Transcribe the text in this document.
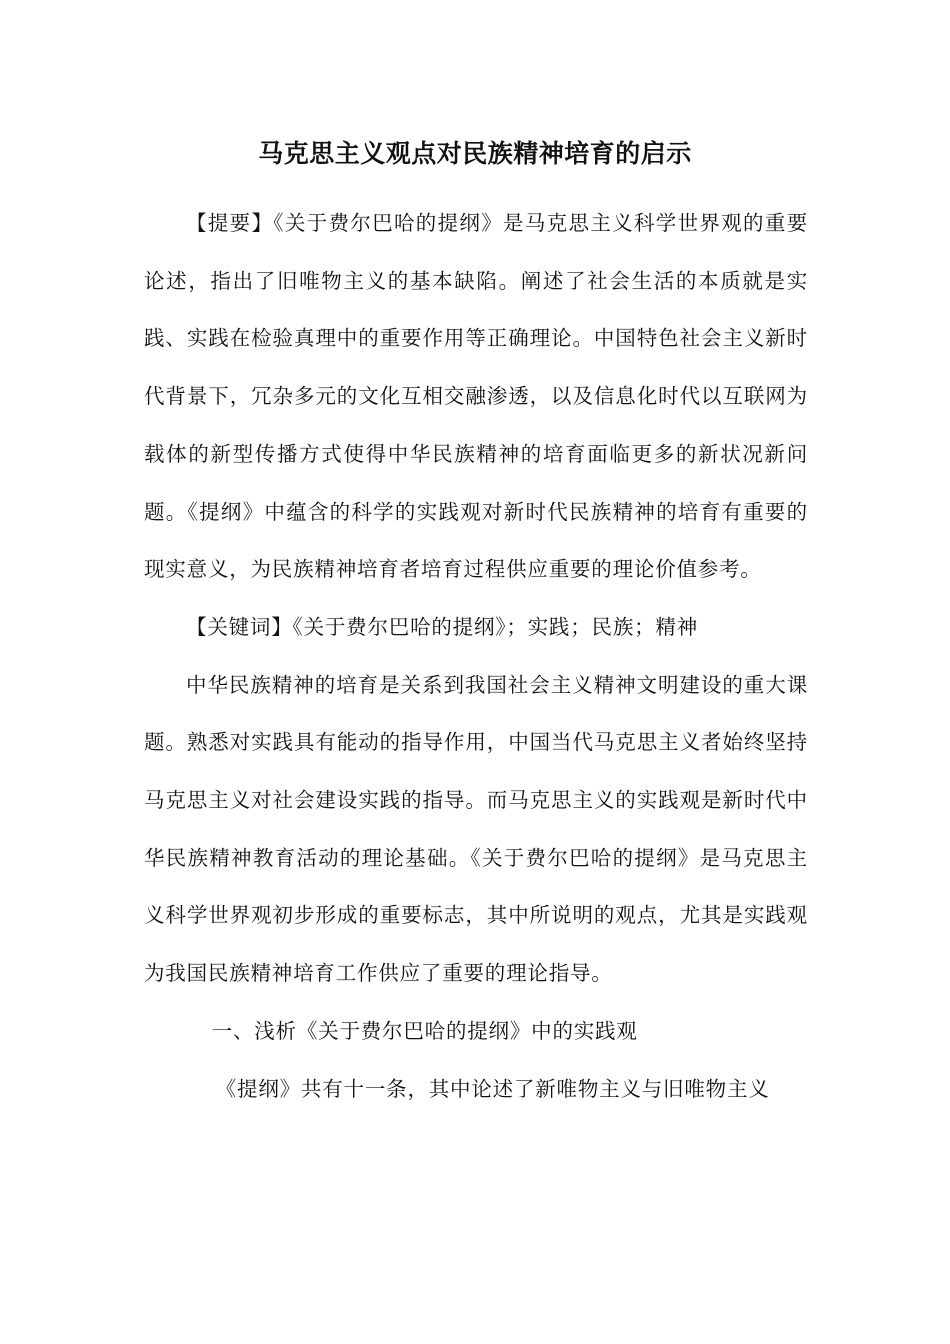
马克思主义观点对民族精神培育的启示

【提要】《关于费尔巴哈的提纲》是马克思主义科学世界观的重要论述，指出了旧唯物主义的基本缺陷。阐述了社会生活的本质就是实践、实践在检验真理中的重要作用等正确理论。中国特色社会主义新时代背景下，冗杂多元的文化互相交融渗透，以及信息化时代以互联网为载体的新型传播方式使得中华民族精神的培育面临更多的新状况新问题。《提纲》中蕴含的科学的实践观对新时代民族精神的培育有重要的现实意义，为民族精神培育者培育过程供应重要的理论价值参考。

【关键词】《关于费尔巴哈的提纲》；实践；民族；精神

中华民族精神的培育是关系到我国社会主义精神文明建设的重大课题。熟悉对实践具有能动的指导作用，中国当代马克思主义者始终坚持马克思主义对社会建设实践的指导。而马克思主义的实践观是新时代中华民族精神教育活动的理论基础。《关于费尔巴哈的提纲》是马克思主义科学世界观初步形成的重要标志，其中所说明的观点，尤其是实践观为我国民族精神培育工作供应了重要的理论指导。

一、浅析《关于费尔巴哈的提纲》中的实践观

《提纲》共有十一条，其中论述了新唯物主义与旧唯物主义
